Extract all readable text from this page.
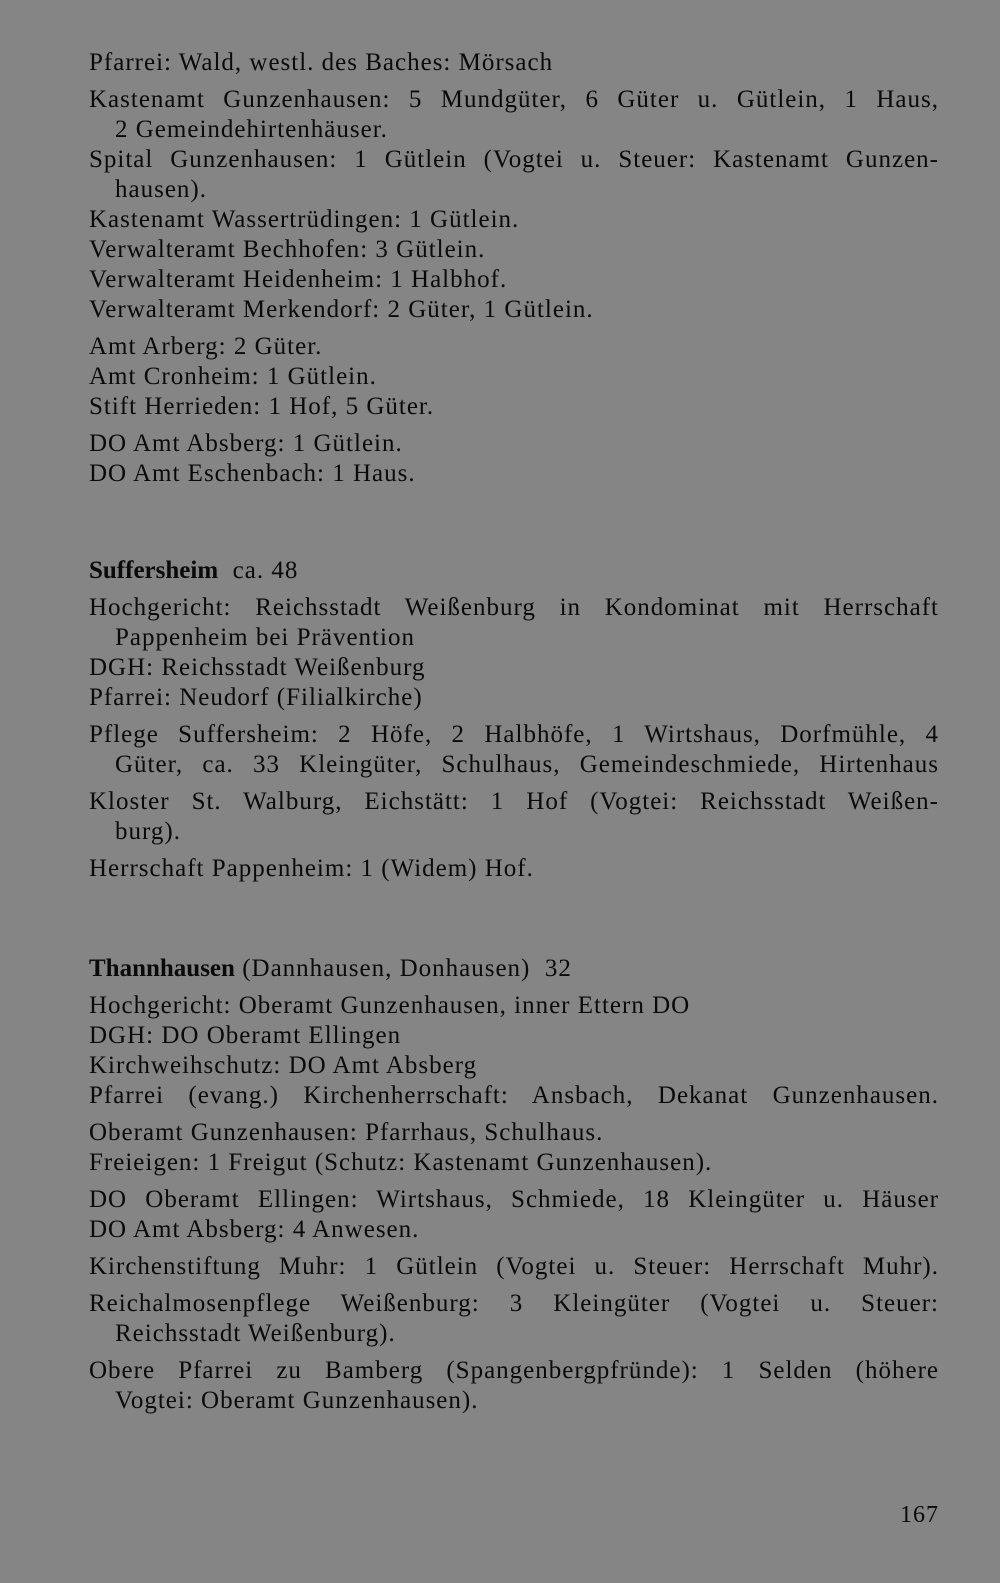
Pfarrei: Wald, westl. des Baches: Mörsach
Kastenamt Gunzenhausen: 5 Mundgüter, 6 Güter u. Gütlein, 1 Haus,
2 Gemeindehirtenhäuser.
Spital Gunzenhausen: 1 Gütlein (Vogtei u. Steuer: Kastenamt Gunzen-
hausen).
Kastenamt Wassertrüdingen: 1 Gütlein.
Verwalteramt Bechhofen: 3 Gütlein.
Verwalteramt Heidenheim: 1 Halbhof.
Verwalteramt Merkendorf: 2 Güter, 1 Gütlein.
Amt Arberg: 2 Güter.
Amt Cronheim: 1 Gütlein.
Stift Herrieden: 1 Hof, 5 Güter.
DO Amt Absberg: 1 Gütlein.
DO Amt Eschenbach: 1 Haus.
Suffersheim  ca. 48
Hochgericht: Reichsstadt Weißenburg in Kondominat mit Herrschaft
Pappenheim bei Prävention
DGH: Reichsstadt Weißenburg
Pfarrei: Neudorf (Filialkirche)
Pflege Suffersheim: 2 Höfe, 2 Halbhöfe, 1 Wirtshaus, Dorfmühle, 4
Güter, ca. 33 Kleingüter, Schulhaus, Gemeindeschmiede, Hirtenhaus
Kloster St. Walburg, Eichstätt: 1 Hof (Vogtei: Reichsstadt Weißen-
burg).
Herrschaft Pappenheim: 1 (Widem) Hof.
Thannhausen (Dannhausen, Donhausen)  32
Hochgericht: Oberamt Gunzenhausen, inner Ettern DO
DGH: DO Oberamt Ellingen
Kirchweihschutz: DO Amt Absberg
Pfarrei (evang.) Kirchenherrschaft: Ansbach, Dekanat Gunzenhausen.
Oberamt Gunzenhausen: Pfarrhaus, Schulhaus.
Freieigen: 1 Freigut (Schutz: Kastenamt Gunzenhausen).
DO Oberamt Ellingen: Wirtshaus, Schmiede, 18 Kleingüter u. Häuser
DO Amt Absberg: 4 Anwesen.
Kirchenstiftung Muhr: 1 Gütlein (Vogtei u. Steuer: Herrschaft Muhr).
Reichalmosenpflege Weißenburg: 3 Kleingüter (Vogtei u. Steuer:
Reichsstadt Weißenburg).
Obere Pfarrei zu Bamberg (Spangenbergpfründe): 1 Selden (höhere
Vogtei: Oberamt Gunzenhausen).
167
